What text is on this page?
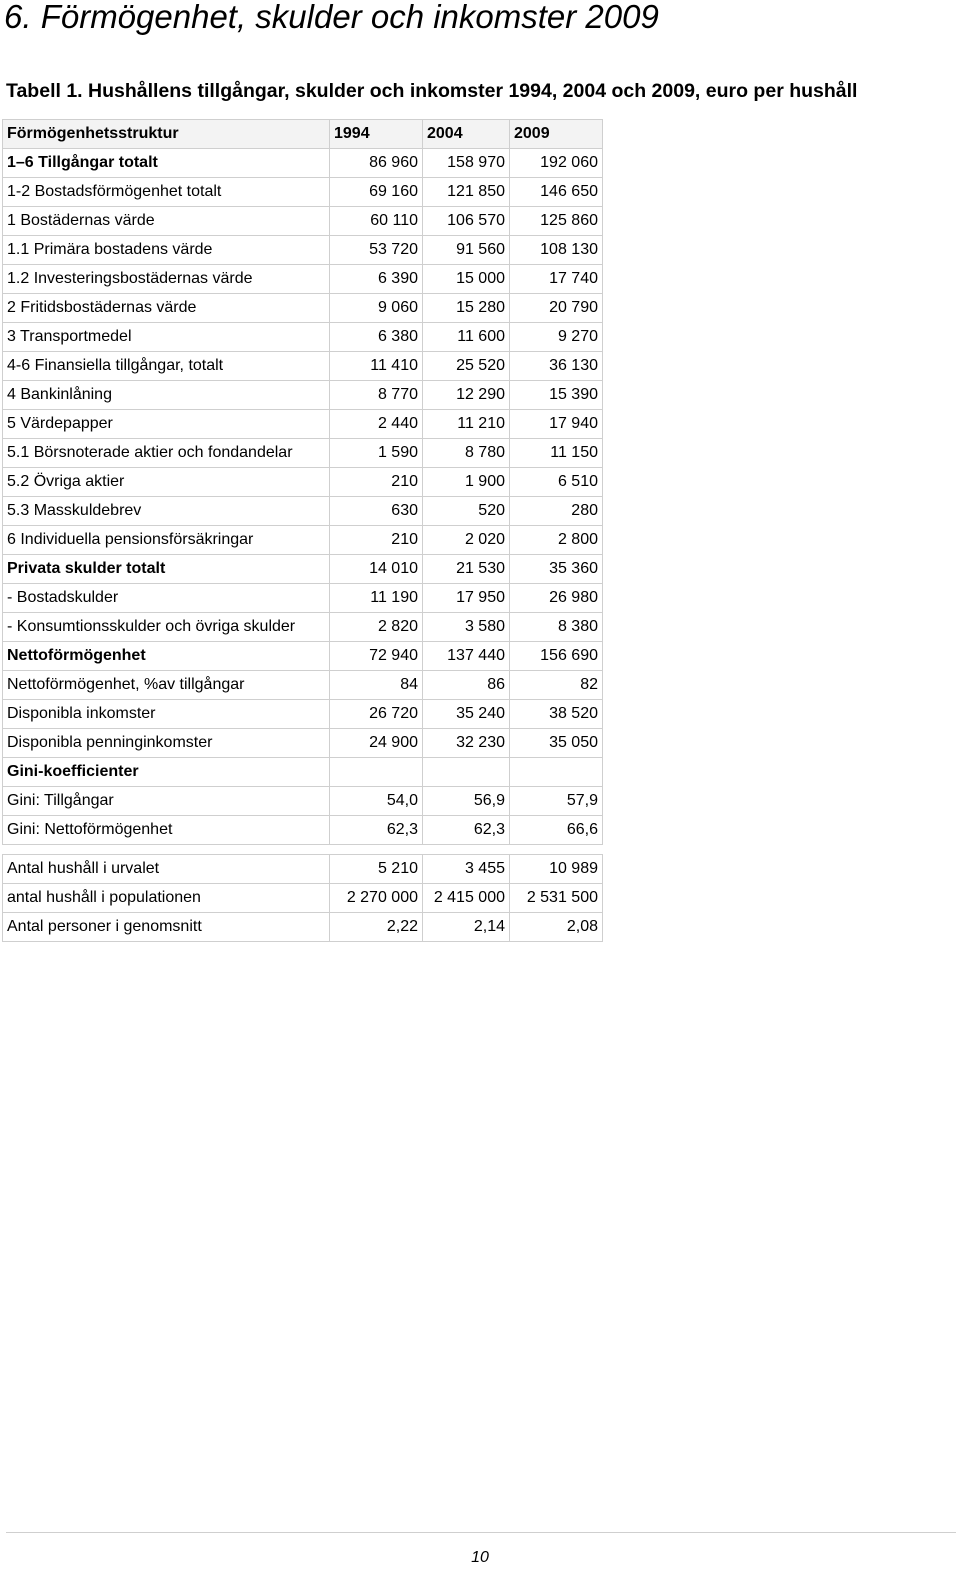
6. Förmögenhet, skulder och inkomster 2009
Tabell 1. Hushållens tillgångar, skulder och inkomster 1994, 2004 och 2009, euro per hushåll
Förmögenhetsstruktur	1994	2004	2009
1–6 Tillgångar totalt	86 960	158 970	192 060
1-2 Bostadsförmögenhet totalt	69 160	121 850	146 650
1 Bostädernas värde	60 110	106 570	125 860
1.1 Primära bostadens värde	53 720	91 560	108 130
1.2 Investeringsbostädernas värde	6 390	15 000	17 740
2 Fritidsbostädernas värde	9 060	15 280	20 790
3 Transportmedel	6 380	11 600	9 270
4-6 Finansiella tillgångar, totalt	11 410	25 520	36 130
4 Bankinlåning	8 770	12 290	15 390
5 Värdepapper	2 440	11 210	17 940
5.1 Börsnoterade aktier och fondandelar	1 590	8 780	11 150
5.2 Övriga aktier	210	1 900	6 510
5.3 Masskuldebrev	630	520	280
6 Individuella pensionsförsäkringar	210	2 020	2 800
Privata skulder totalt	14 010	21 530	35 360
- Bostadskulder	11 190	17 950	26 980
- Konsumtionsskulder och övriga skulder	2 820	3 580	8 380
Nettoförmögenhet	72 940	137 440	156 690
Nettoförmögenhet, %av tillgångar	84	86	82
Disponibla inkomster	26 720	35 240	38 520
Disponibla penninginkomster	24 900	32 230	35 050
Gini-koefficienter			
Gini: Tillgångar	54,0	56,9	57,9
Gini: Nettoförmögenhet	62,3	62,3	66,6

Antal hushåll i urvalet	5 210	3 455	10 989
antal hushåll i populationen	2 270 000	2 415 000	2 531 500
Antal personer i genomsnitt	2,22	2,14	2,08
10
